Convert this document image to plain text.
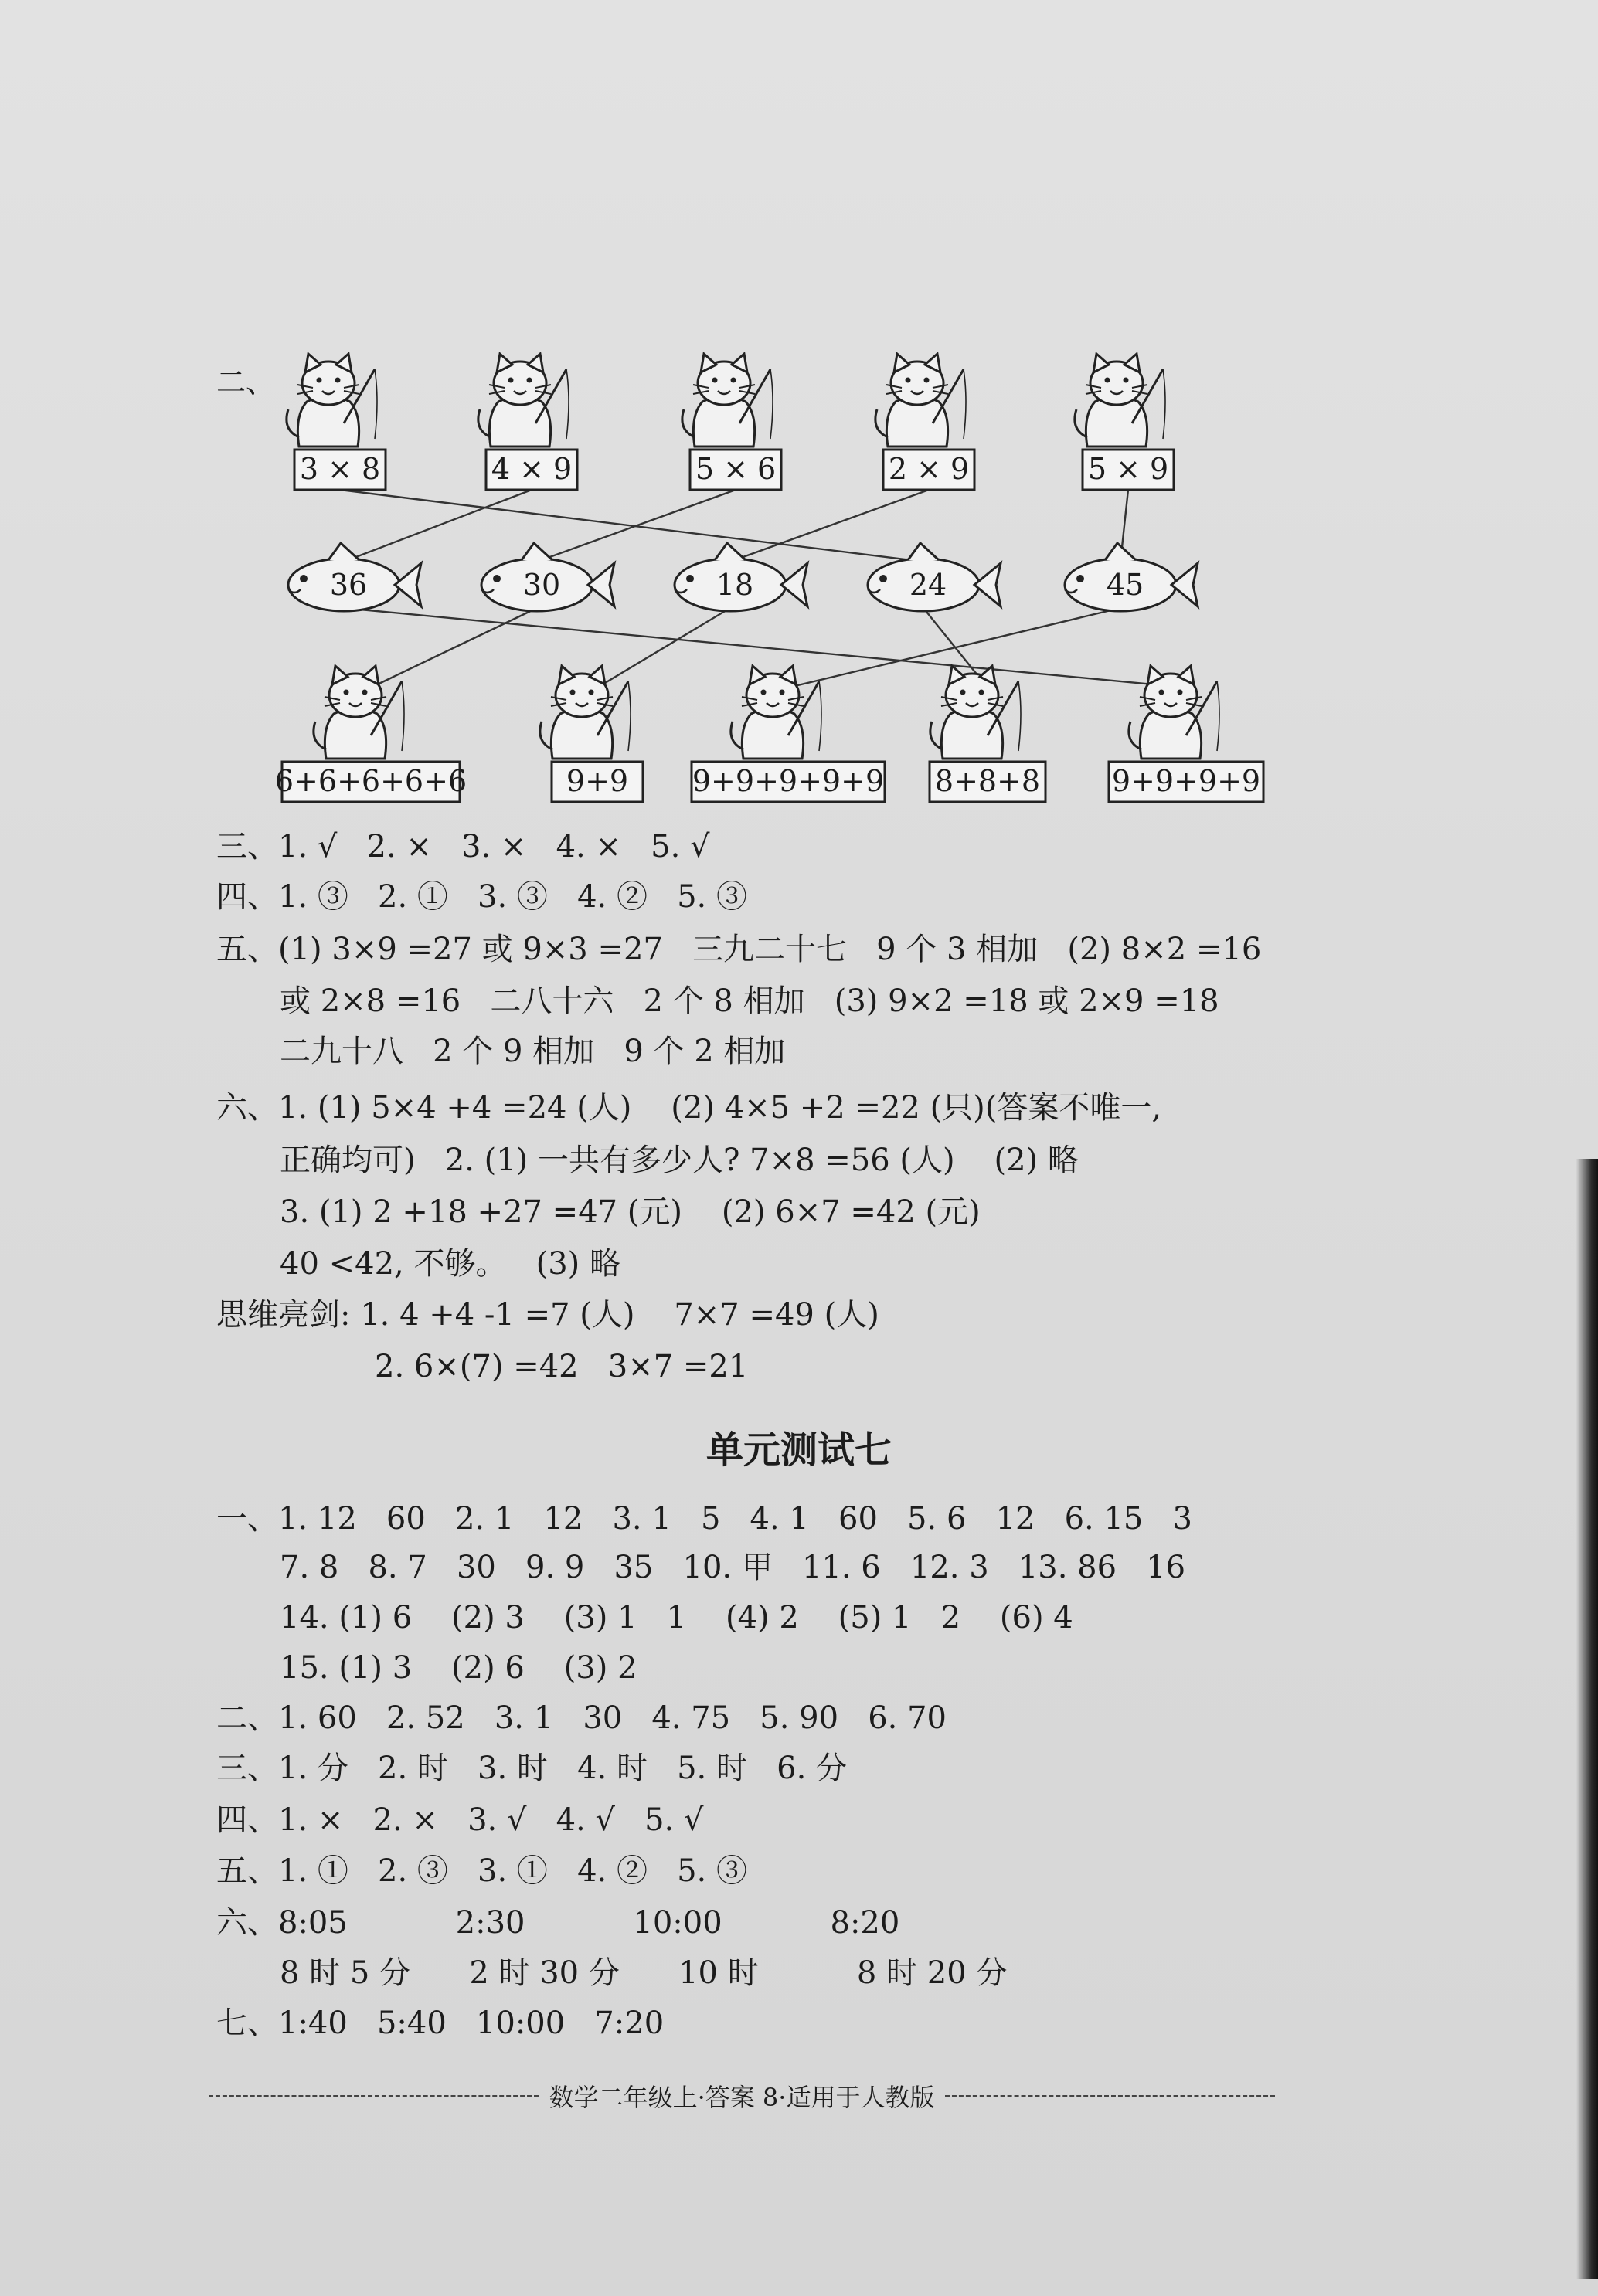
二、
3 × 8	4 × 9	5 × 6	2 × 9	5 × 9
36	30	18	24	45
6+6+6+6+6	9+9 9+9+9+9+9 8+8+8 9+9+9+9
三、1. √   2. ×   3. ×   4. ×   5. √
四、1. ③   2. ①   3. ③   4. ②   5. ③
五、(1) 3×9 =27 或 9×3 =27   三九二十七   9 个 3 相加   (2) 8×2 =16
或 2×8 =16   二八十六   2 个 8 相加   (3) 9×2 =18 或 2×9 =18
二九十八   2 个 9 相加   9 个 2 相加
六、1. (1) 5×4 +4 =24 (人)    (2) 4×5 +2 =22 (只)(答案不唯一,
正确均可)   2. (1) 一共有多少人? 7×8 =56 (人)    (2) 略
3. (1) 2 +18 +27 =47 (元)    (2) 6×7 =42 (元)
40 <42, 不够。   (3) 略
思维亮剑: 1. 4 +4 -1 =7 (人)    7×7 =49 (人)
2. 6×(7) =42   3×7 =21
单元测试七
一、1. 12   60   2. 1   12   3. 1   5   4. 1   60   5. 6   12   6. 15   3
7. 8   8. 7   30   9. 9   35   10. 甲   11. 6   12. 3   13. 86   16
14. (1) 6    (2) 3    (3) 1   1    (4) 2    (5) 1   2    (6) 4
15. (1) 3    (2) 6    (3) 2
二、1. 60   2. 52   3. 1   30   4. 75   5. 90   6. 70
三、1. 分   2. 时   3. 时   4. 时   5. 时   6. 分
四、1. ×   2. ×   3. √   4. √   5. √
五、1. ①   2. ③   3. ①   4. ②   5. ③
六、8:05           2:30           10:00           8:20
8 时 5 分      2 时 30 分      10 时          8 时 20 分
七、1:40   5:40   10:00   7:20
数学二年级上·答案 8·适用于人教版
